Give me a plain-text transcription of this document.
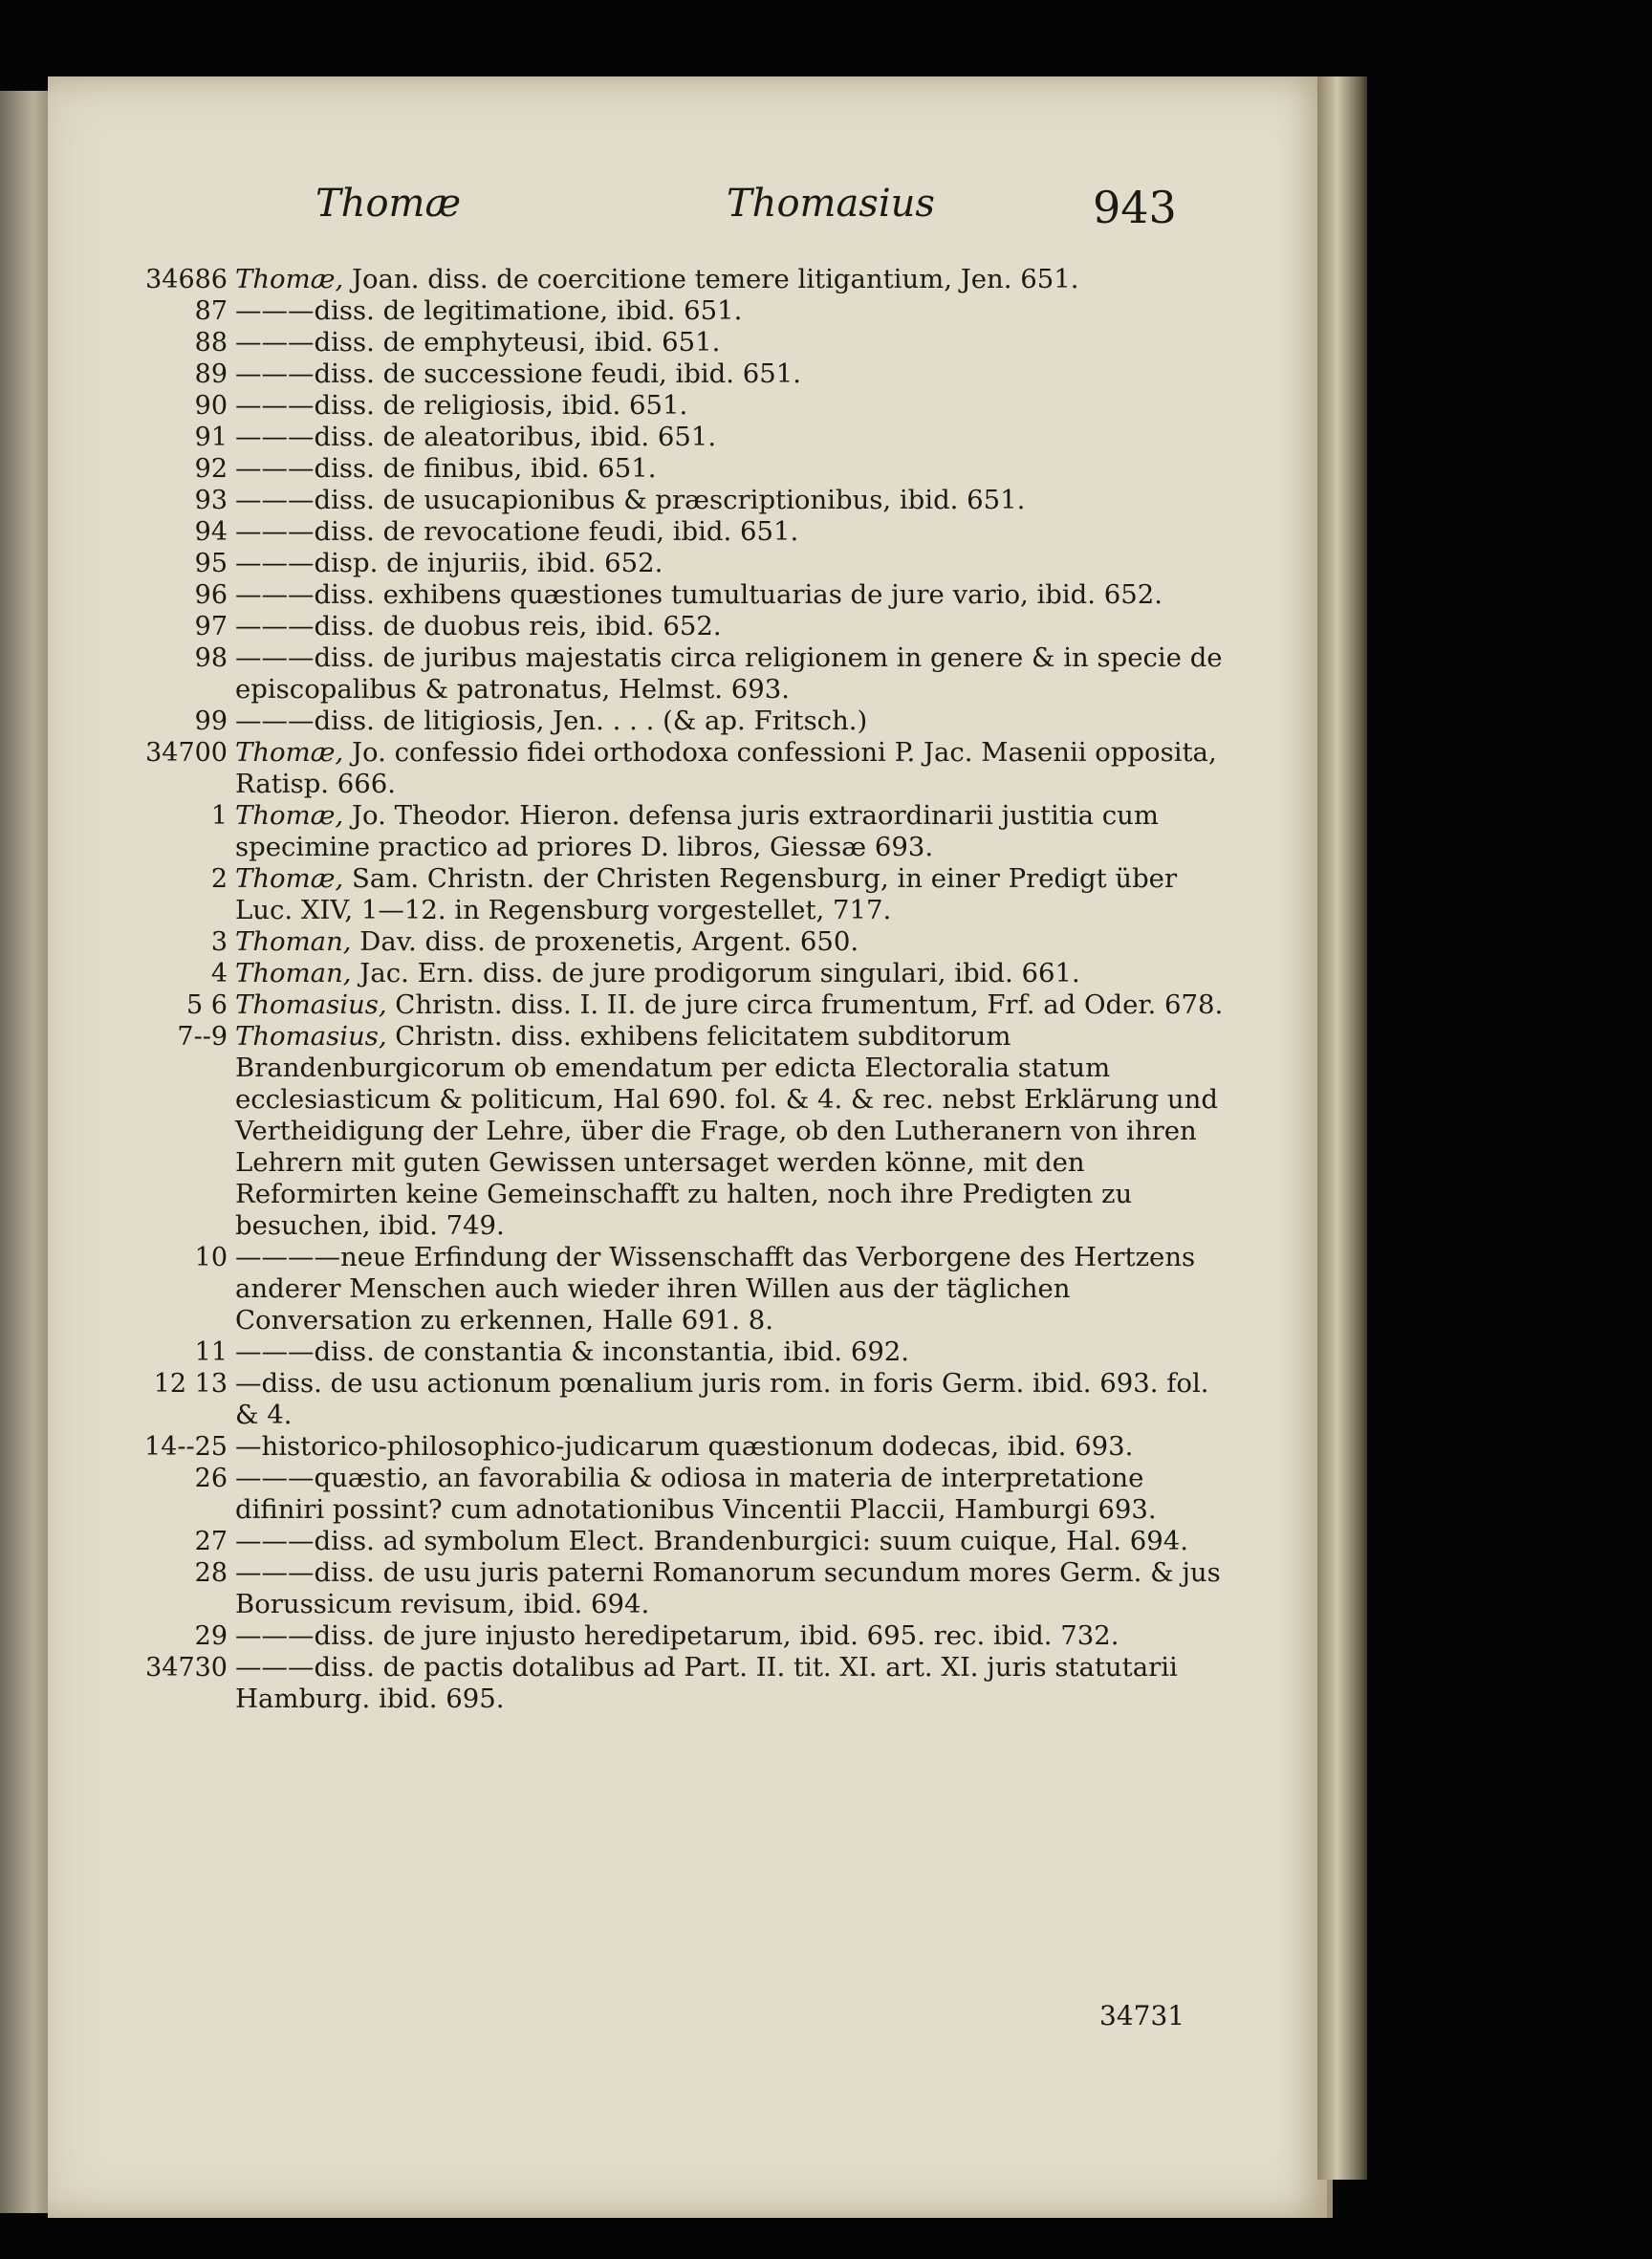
Thomæ	Thomasius	943
34686 Thomæ, Joan. diss. de coercitione temere litigantium, Jen. 651.
87 ———diss. de legitimatione, ibid. 651.
88 ———diss. de emphyteusi, ibid. 651.
89 ———diss. de successione feudi, ibid. 651.
90 ———diss. de religiosis, ibid. 651.
91 ———diss. de aleatoribus, ibid. 651.
92 ———diss. de finibus, ibid. 651.
93 ———diss. de usucapionibus & præscriptionibus, ibid. 651.
94 ———diss. de revocatione feudi, ibid. 651.
95 ———disp. de injuriis, ibid. 652.
96 ———diss. exhibens quæstiones tumultuarias de jure vario, ibid. 652.
97 ———diss. de duobus reis, ibid. 652.
98 ———diss. de juribus majestatis circa religionem in genere & in specie de episcopalibus & patronatus, Helmst. 693.
99 ———diss. de litigiosis, Jen. . . . (& ap. Fritsch.)
34700 Thomæ, Jo. confessio fidei orthodoxa confessioni P. Jac. Masenii opposita, Ratisp. 666.
1 Thomæ, Jo. Theodor. Hieron. defensa juris extraordinarii justitia cum specimine practico ad priores D. libros, Giessæ 693.
2 Thomæ, Sam. Christn. der Christen Regensburg, in einer Predigt über Luc. XIV, 1—12. in Regensburg vorgestellet, 717.
3 Thoman, Dav. diss. de proxenetis, Argent. 650.
4 Thoman, Jac. Ern. diss. de jure prodigorum singulari, ibid. 661.
5 6 Thomasius, Christn. diss. I. II. de jure circa frumentum, Frf. ad Oder. 678.
7--9 Thomasius, Christn. diss. exhibens felicitatem subditorum Brandenburgicorum ob emendatum per edicta Electoralia statum ecclesiasticum & politicum, Hal 690. fol. & 4. & rec. nebst Erklärung und Vertheidigung der Lehre, über die Frage, ob den Lutheranern von ihren Lehrern mit guten Gewissen untersaget werden könne, mit den Reformirten keine Gemeinschafft zu halten, noch ihre Predigten zu besuchen, ibid. 749.
10 ————neue Erfindung der Wissenschafft das Verborgene des Hertzens anderer Menschen auch wieder ihren Willen aus der täglichen Conversation zu erkennen, Halle 691. 8.
11 ———diss. de constantia & inconstantia, ibid. 692.
12 13 —diss. de usu actionum pœnalium juris rom. in foris Germ. ibid. 693. fol. & 4.
14--25 —historico-philosophico-judicarum quæstionum dodecas, ibid. 693.
26 ———quæstio, an favorabilia & odiosa in materia de interpretatione difiniri possint? cum adnotationibus Vincentii Placcii, Hamburgi 693.
27 ———diss. ad symbolum Elect. Brandenburgici: suum cuique, Hal. 694.
28 ———diss. de usu juris paterni Romanorum secundum mores Germ. & jus Borussicum revisum, ibid. 694.
29 ———diss. de jure injusto heredipetarum, ibid. 695. rec. ibid. 732.
34730 ———diss. de pactis dotalibus ad Part. II. tit. XI. art. XI. juris statutarii Hamburg. ibid. 695.
34731
